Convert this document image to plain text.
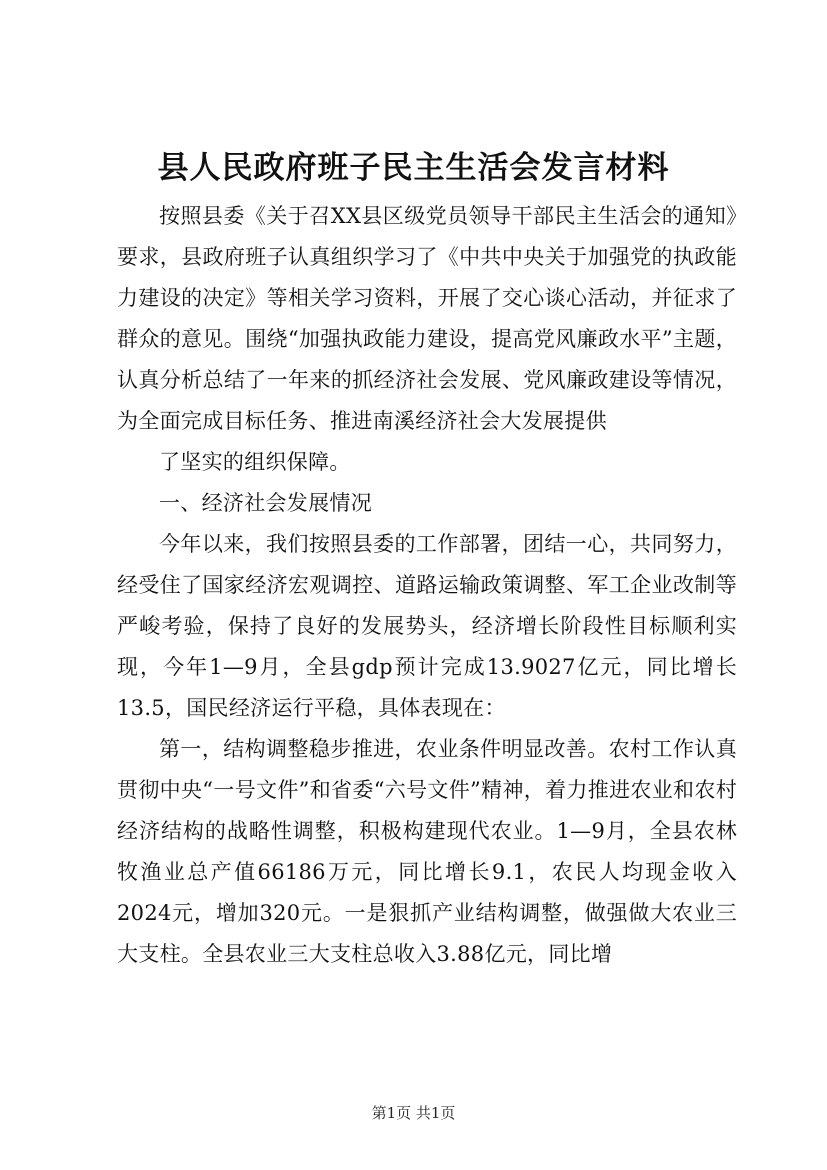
县人民政府班子民主生活会发言材料

按照县委《关于召XX县区级党员领导干部民主生活会的通知》要求，县政府班子认真组织学习了《中共中央关于加强党的执政能力建设的决定》等相关学习资料，开展了交心谈心活动，并征求了群众的意见。围绕“加强执政能力建设，提高党风廉政水平”主题，认真分析总结了一年来的抓经济社会发展、党风廉政建设等情况，为全面完成目标任务、推进南溪经济社会大发展提供

了坚实的组织保障。

一、经济社会发展情况

今年以来，我们按照县委的工作部署，团结一心，共同努力，经受住了国家经济宏观调控、道路运输政策调整、军工企业改制等严峻考验，保持了良好的发展势头，经济增长阶段性目标顺利实现，今年1—9月，全县gdp预计完成13.9027亿元，同比增长13.5，国民经济运行平稳，具体表现在：

第一，结构调整稳步推进，农业条件明显改善。农村工作认真贯彻中央“一号文件”和省委“六号文件”精神，着力推进农业和农村经济结构的战略性调整，积极构建现代农业。1—9月，全县农林牧渔业总产值66186万元，同比增长9.1，农民人均现金收入2024元，增加320元。一是狠抓产业结构调整，做强做大农业三大支柱。全县农业三大支柱总收入3.88亿元，同比增

第1页 共1页
